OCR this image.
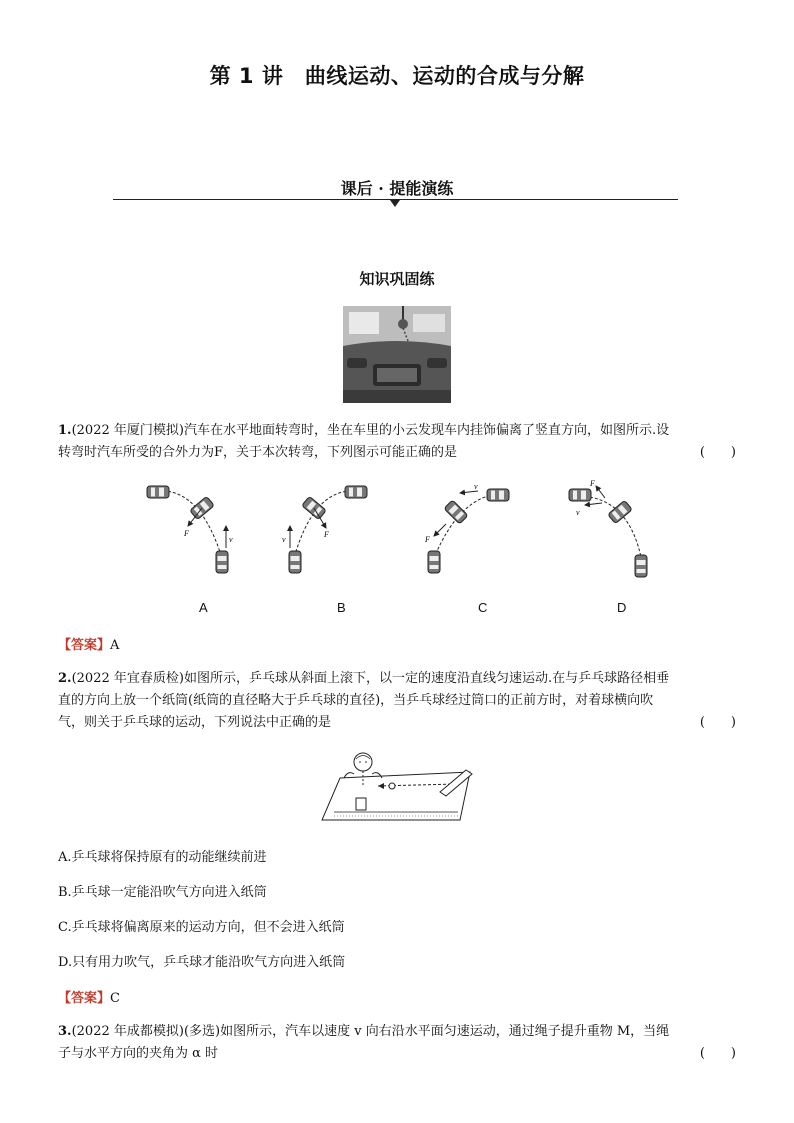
第 1 讲　曲线运动、运动的合成与分解
课后 · 提能演练
知识巩固练
1.(2022 年厦门模拟)汽车在水平地面转弯时，坐在车里的小云发现车内挂饰偏离了竖直方向，如图所示.设
转弯时汽车所受的合外力为F，关于本次转弯，下列图示可能正确的是	(　　)
F
v
F
v
v
F
v
F
A	B	C	D
【答案】A
2.(2022 年宜春质检)如图所示，乒乓球从斜面上滚下，以一定的速度沿直线匀速运动.在与乒乓球路径相垂
直的方向上放一个纸筒(纸筒的直径略大于乒乓球的直径)，当乒乓球经过筒口的正前方时，对着球横向吹
气，则关于乒乓球的运动，下列说法中正确的是	(　　)
A.乒乓球将保持原有的动能继续前进
B.乒乓球一定能沿吹气方向进入纸筒
C.乒乓球将偏离原来的运动方向，但不会进入纸筒
D.只有用力吹气，乒乓球才能沿吹气方向进入纸筒
【答案】C
3.(2022 年成都模拟)(多选)如图所示，汽车以速度 v 向右沿水平面匀速运动，通过绳子提升重物 M，当绳
子与水平方向的夹角为 α 时	(　　)
